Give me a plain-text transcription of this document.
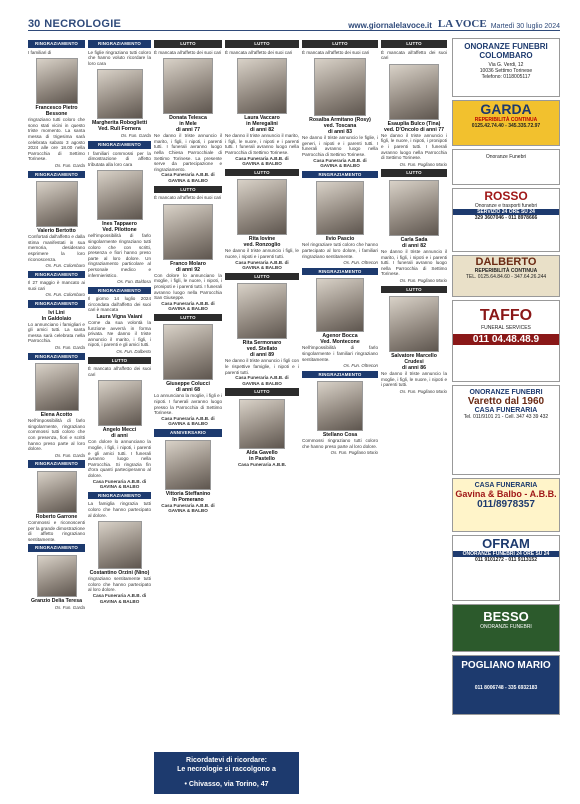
30 NECROLOGIE	www.giornalelavoce.it LA VOCE Martedì 30 luglio 2024
RINGRAZIAMENTO
I familiari di
Francesco Pietro Bessone
ringraziano tutti coloro che sono stati vicini in questo triste momento. La santa messa di trigesima sarà celebrata sabato 3 agosto 2024 alle ore 18.00 nella Parrocchia di Settimo Torinese.
Os. Fun. Garda
RINGRAZIAMENTO
Valerio Bertotto
Confortati dall'affetto e dalla stima manifestati in sua memoria, desiderano esprimere la loro riconoscenza.
Os. Fun. Colombaro
RINGRAZIAMENTO
Il 27 maggio è mancato ai suoi cari
Os. Fun. Colombaro
RINGRAZIAMENTO
Ivi Lini
In Galdolaio
Lo annunciano i famigliari e gli amici tutti. La santa messa sarà celebrata nella Parrocchia.
Os. Fun. Garda
RINGRAZIAMENTO
Elena Acotto
Nell'impossibilità di farlo singolarmente, ringraziano commossi tutti coloro che con presenza, fiori e scritti hanno preso parte al loro dolore.
Os. Fun. Garda
RINGRAZIAMENTO
Roberto Garrone
Commossi e riconoscenti per la grande dimostrazione di affetto ringraziano sentitamente.
RINGRAZIAMENTO
Granzio Delia Teresa
Os. Fun. Garda
RINGRAZIAMENTO
Le figlie ringraziano tutti coloro che hanno voluto ricordare la loro cara
Margherita Roboglietti
Ved. Ruli Fornera
Os. Fun. Garda
RINGRAZIAMENTO
I familiari commossi per la dimostrazione di affetto tributata alla loro cara
Ines Tappaero
Ved. Pilottone
nell'impossibilità di farlo singolarmente ringraziano tutti coloro che con scritti, presenza e fiori hanno preso parte al loro dolore. Un ringraziamento particolare al personale medico e infermieristico.
Os. Fun. Baldosa
RINGRAZIAMENTO
Il giorno 14 luglio 2024 circondata dall'affetto dei suoi cari è mancata
Laura Vigna Vaiani
Come da sua volontà la funzione avverrà in forma privata. Ne danno il triste annuncio il marito, i figli, i nipoti, i parenti e gli amici tutti.
Os. Fun. Dalberto
LUTTO
È mancato all'affetto dei suoi cari
Angelo Mecci
di anni
Con dolore lo annunciano la moglie, i figli, i nipoti, i parenti e gli amici tutti. I funerali avranno luogo nella Parrocchia. Si ringrazia fin d'ora quanti parteciperanno al dolore.
Casa Funeraria A.B.B. di
GAVINA & BALBO
RINGRAZIAMENTO
La famiglia ringrazia tutti coloro che hanno partecipato al dolore.
Costantino Orzini (Nino)
ringraziano sentitamente tutti coloro che hanno partecipato al loro dolore.
Casa Funeraria A.B.B. di
GAVINA & BALBO
LUTTO
È mancata all'affetto dei suoi cari
Donata Telesca
in Mele
di anni 77
Ne danno il triste annuncio il marito, i figli, i nipoti, i parenti tutti. I funerali avranno luogo nella Chiesa Parrocchiale di Settimo Torinese. La presente serve da partecipazione e ringraziamento.
Casa Funeraria A.B.B. di
GAVINA & BALBO
LUTTO
È mancato all'affetto dei suoi cari
Franco Molaro
di anni 92
Con dolore lo annunciano la moglie, i figli, le nuore, i nipoti, i pronipoti e i parenti tutti. I funerali avranno luogo nella Parrocchia San Giuseppe.
Casa Funeraria A.B.B. di
GAVINA & BALBO
LUTTO
Giuseppe Colucci
di anni 68
Lo annunciano la moglie, i figli e i nipoti. I funerali avranno luogo presso la Parrocchia di Settimo Torinese.
Casa Funeraria A.B.B. di
GAVINA & BALBO
ANNIVERSARIO
Vittoria Steffanino
In Pomerano
Casa Funeraria A.B.B. di
GAVINA & BALBO
LUTTO
È mancata all'affetto dei suoi cari
Laura Vaccaro
in Meregalini
di anni 82
Ne danno il triste annuncio il marito, i figli, le nuore, i nipoti e i parenti tutti. I funerali avranno luogo nella Parrocchia di Settimo Torinese.
Casa Funeraria A.B.B. di
GAVINA & BALBO
LUTTO
Rita Iovine
ved. Ronzoglio
Ne danno il triste annuncio i figli, le nuore, i nipoti e i parenti tutti.
Casa Funeraria A.B.B. di
GAVINA & BALBO
LUTTO
Rita Sermonaro
ved. Stellato
di anni 89
Ne danno il triste annuncio i figli con le rispettive famiglie, i nipoti e i parenti tutti.
Casa Funeraria A.B.B. di
GAVINA & BALBO
LUTTO
Alda Gavello
in Pastello
Casa Funeraria A.B.B.
LUTTO
È mancata all'affetto dei suoi cari
Rosalba Armitano (Rosy)
ved. Toscana
di anni 83
Ne danno il triste annuncio le figlie, i generi, i nipoti e i parenti tutti. I funerali avranno luogo nella Parrocchia di Settimo Torinese.
Casa Funeraria A.B.B. di
GAVINA & BALBO
RINGRAZIAMENTO
Ilvio Pascio
Nel ringraziare tutti coloro che hanno partecipato al loro dolore, i familiari ringraziano sentitamente.
Os. Fun. Oltrecon
RINGRAZIAMENTO
Agenor Bocca
Ved. Montecone
Nell'impossibilità di farlo singolarmente i familiari ringraziano sentitamente.
Os. Fun. Oltrecon
RINGRAZIAMENTO
Stellano Cosa
Commossi ringraziano tutti coloro che hanno preso parte al loro dolore.
Os. Fun. Pugliano Mario
LUTTO
È mancata all'affetto dei suoi cari
Esauplia Bulco (Tina)
ved. D'Oncolo di anni 77
Ne danno il triste annuncio i figli, le nuore, i nipoti, i pronipoti e i parenti tutti. I funerali avranno luogo nella Parrocchia di Settimo Torinese.
Os. Fun. Pugliano Mario
LUTTO
Carla Sada
di anni 82
Ne danno il triste annuncio il marito, i figli, i nipoti e i parenti tutti. I funerali avranno luogo nella Parrocchia di Settimo Torinese.
Os. Fun. Pugliano Mario
LUTTO
Salvatore Marcello
Crudesi
di anni 86
Ne danno il triste annuncio la moglie, i figli, le nuore, i nipoti e i parenti tutti.
Os. Fun. Pugliano Mario
ONORANZE FUNEBRI
COLOMBARO
Via G. Verdi, 12
10036 Settimo Torinese
Telefono: 0118005117
GARDA
REPERIBILITÀ CONTINUA
0125.42.74.40 - 345.335.72.97
Onoranze Funebri
ROSSO
Onoranze e trasporti funebri
SERVIZIO 24 ORE SU 24
329 3607046 - 011 8978666
DALBERTO
REPERIBILITÀ CONTINUA
TEL. 0125.64.84.60 - 347.64.26.244
TAFFO
FUNERAL SERVICES
011 04.48.48.9
ONORANZE FUNEBRI
Varetto dal 1960
CASA FUNERARIA
Tel. 011/9101 21 - Cell. 347 43 39 432
CASA FUNERARIA
Gavina & Balbo - A.B.B.
011/8978357
OFRAM
ONORANZE FUNEBRI 24 ORE SU 24
011 9101272 - 011 9113152
BESSO
ONORANZE FUNEBRI
POGLIANO MARIO
011 8006748 - 335 6932183
Ricordatevi di ricordare:
Le necrologie si raccolgono a
• Chivasso, via Torino, 47
